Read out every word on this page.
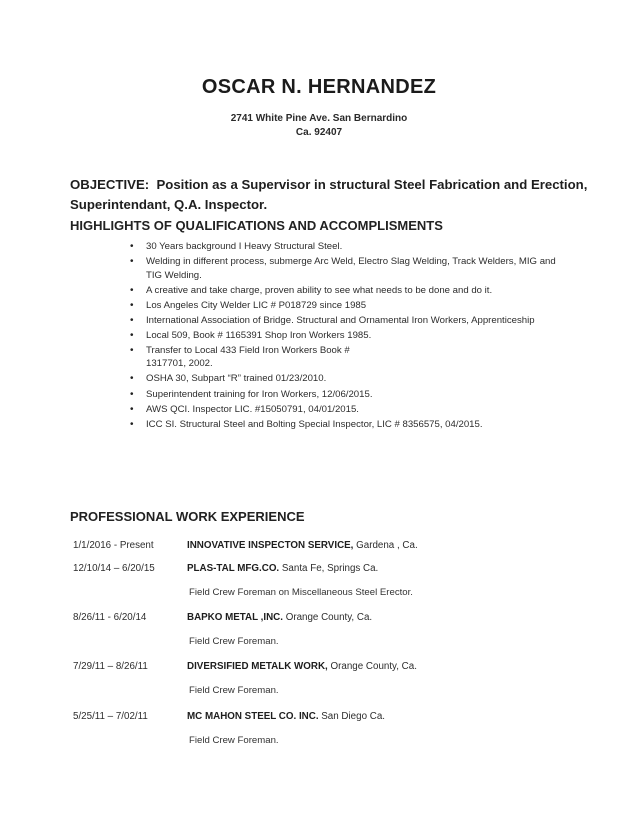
OSCAR N. HERNANDEZ
2741 White Pine Ave. San Bernardino
Ca. 92407
OBJECTIVE: Position as a Supervisor in structural Steel Fabrication and Erection, Superintendant, Q.A. Inspector.
HIGHLIGHTS OF QUALIFICATIONS AND ACCOMPLISMENTS
• 30 Years background I Heavy Structural Steel.
• Welding in different process, submerge Arc Weld, Electro Slag Welding, Track Welders, MIG and TIG Welding.
• A creative and take charge, proven ability to see what needs to be done and do it.
• Los Angeles City Welder LIC # P018729 since 1985
• International Association of Bridge. Structural and Ornamental Iron Workers, Apprenticeship
• Local 509, Book # 1165391 Shop Iron Workers 1985.
• Transfer to Local 433 Field Iron Workers Book # 1317701, 2002.
• OSHA 30, Subpart “R” trained 01/23/2010.
• Superintendent training for Iron Workers, 12/06/2015.
• AWS QCI. Inspector LIC. #15050791, 04/01/2015.
• ICC SI. Structural Steel and Bolting Special Inspector, LIC # 8356575, 04/2015.
PROFESSIONAL WORK EXPERIENCE
1/1/2016 - Present	INNOVATIVE INSPECTON SERVICE, Gardena , Ca.
12/10/14 – 6/20/15	PLAS-TAL MFG.CO. Santa Fe, Springs Ca.
Field Crew Foreman on Miscellaneous Steel Erector.
8/26/11 - 6/20/14	BAPKO METAL ,INC. Orange County, Ca.
Field Crew Foreman.
7/29/11 – 8/26/11	DIVERSIFIED METALK WORK, Orange County, Ca.
Field Crew Foreman.
5/25/11 – 7/02/11	MC MAHON STEEL CO. INC. San Diego Ca.
Field Crew Foreman.
